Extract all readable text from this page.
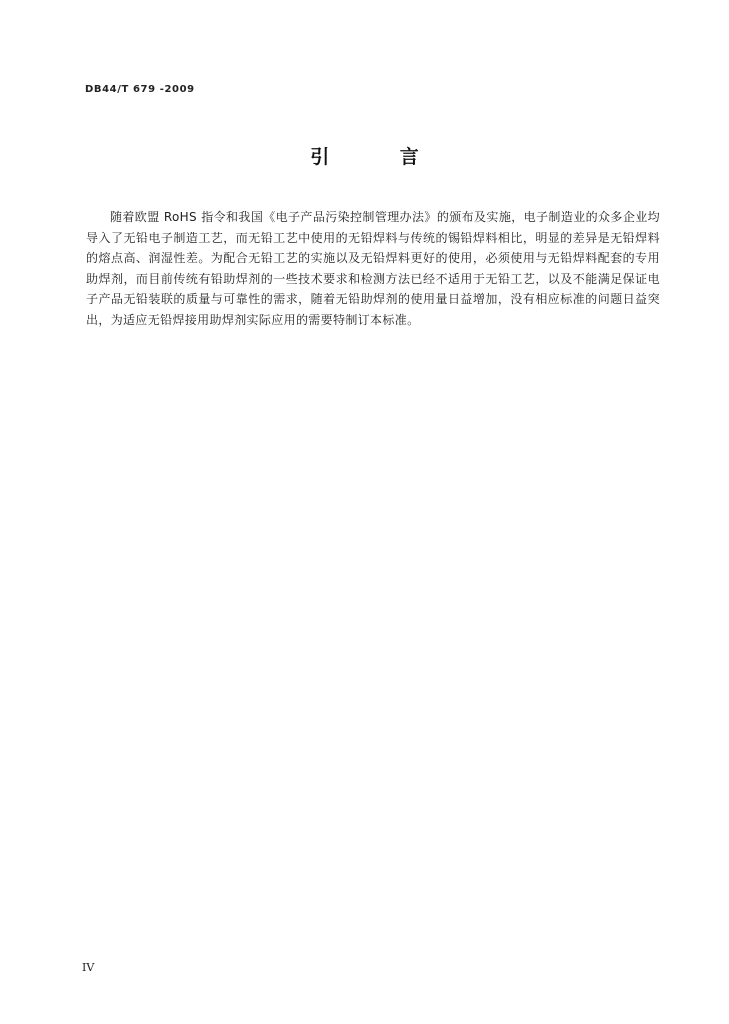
DB44/T 679 -2009
引 言

随着欧盟 RoHS 指令和我国《电子产品污染控制管理办法》的颁布及实施，电子制造业的众多企业均导入了无铅电子制造工艺，而无铅工艺中使用的无铅焊料与传统的锡铅焊料相比，明显的差异是无铅焊料的熔点高、润湿性差。为配合无铅工艺的实施以及无铅焊料更好的使用，必须使用与无铅焊料配套的专用助焊剂，而目前传统有铅助焊剂的一些技术要求和检测方法已经不适用于无铅工艺，以及不能满足保证电子产品无铅装联的质量与可靠性的需求，随着无铅助焊剂的使用量日益增加，没有相应标准的问题日益突出，为适应无铅焊接用助焊剂实际应用的需要特制订本标准。

IV
